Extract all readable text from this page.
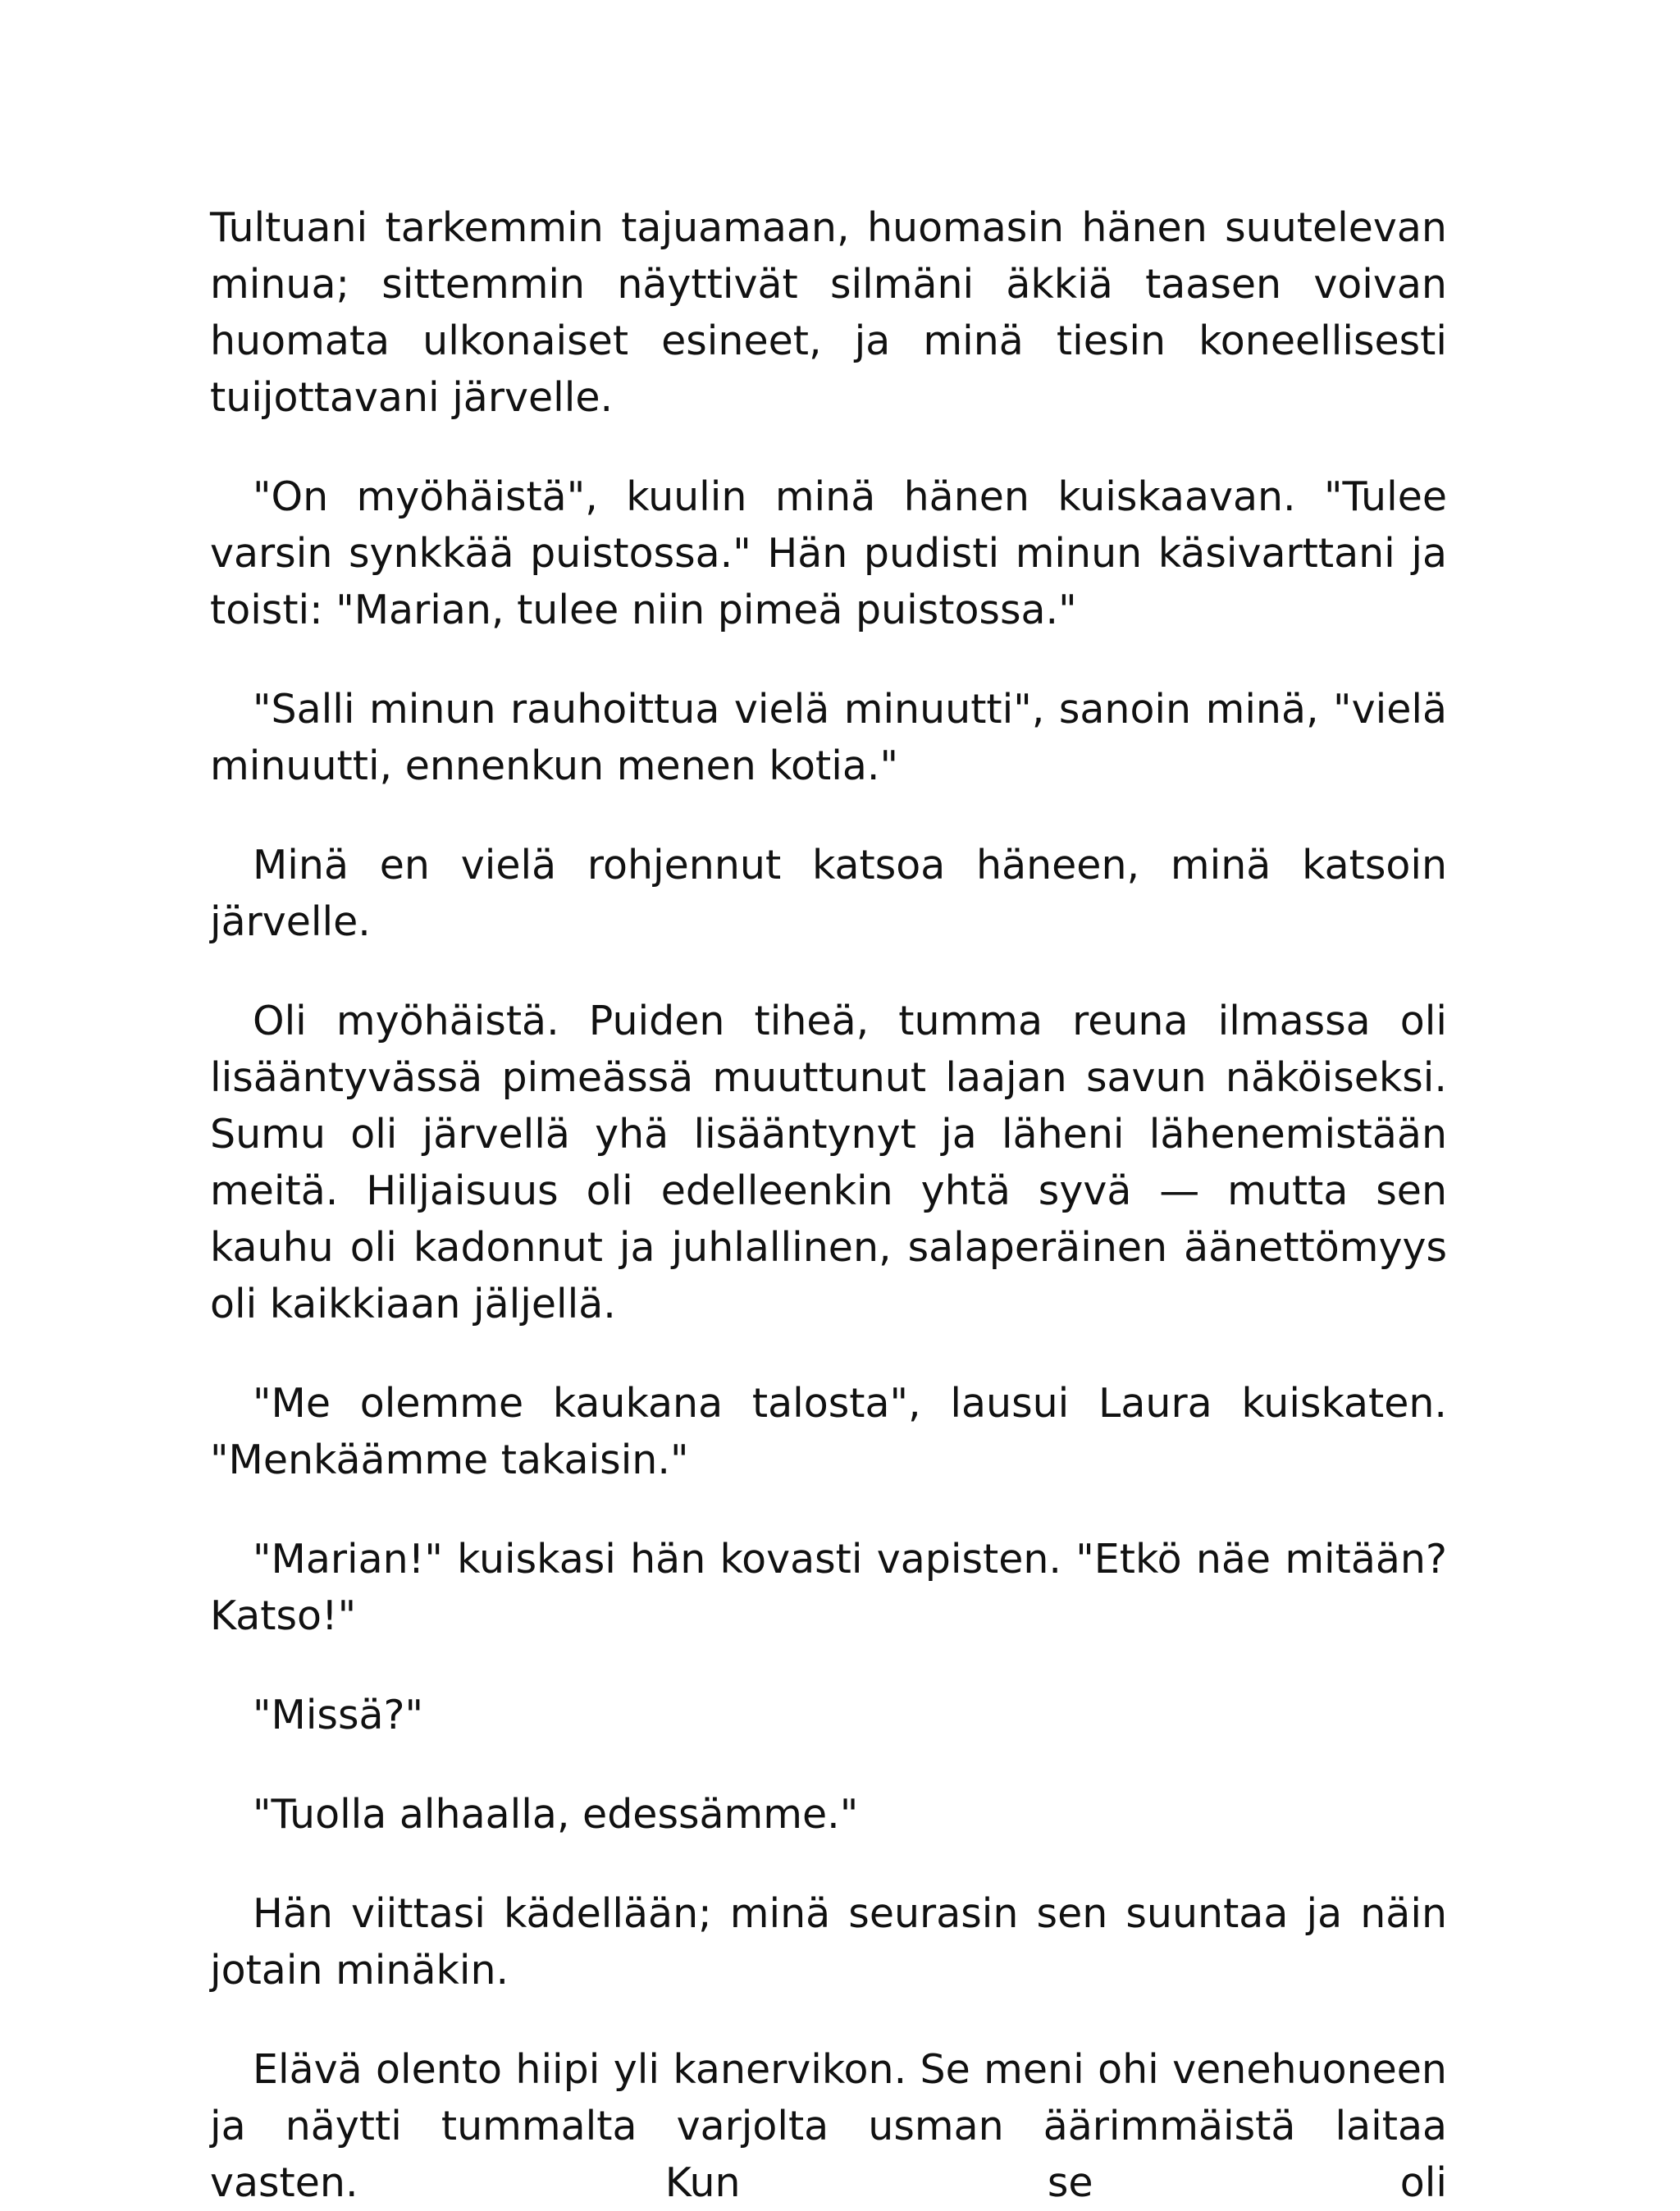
Tultuani tarkemmin tajuamaan, huomasin hänen suutelevan minua; sittemmin näyttivät silmäni äkkiä taasen voivan huomata ulkonaiset esineet, ja minä tiesin koneellisesti tuijottavani järvelle.

"On myöhäistä", kuulin minä hänen kuiskaavan. "Tulee varsin synkkää puistossa." Hän pudisti minun käsivarttani ja toisti: "Marian, tulee niin pimeä puistossa."

"Salli minun rauhoittua vielä minuutti", sanoin minä, "vielä minuutti, ennenkun menen kotia."

Minä en vielä rohjennut katsoa häneen, minä katsoin järvelle.

Oli myöhäistä. Puiden tiheä, tumma reuna ilmassa oli lisääntyvässä pimeässä muuttunut laajan savun näköiseksi. Sumu oli järvellä yhä lisääntynyt ja läheni lähenemistään meitä. Hiljaisuus oli edelleenkin yhtä syvä — mutta sen kauhu oli kadonnut ja juhlallinen, salaperäinen äänettömyys oli kaikkiaan jäljellä.

"Me olemme kaukana talosta", lausui Laura kuiskaten. "Menkäämme takaisin."

"Marian!" kuiskasi hän kovasti vapisten. "Etkö näe mitään? Katso!"

"Missä?"

"Tuolla alhaalla, edessämme."

Hän viittasi kädellään; minä seurasin sen suuntaa ja näin jotain minäkin.

Elävä olento hiipi yli kanervikon. Se meni ohi venehuoneen ja näytti tummalta varjolta usman äärimmäistä laitaa vasten. Kun se oli
